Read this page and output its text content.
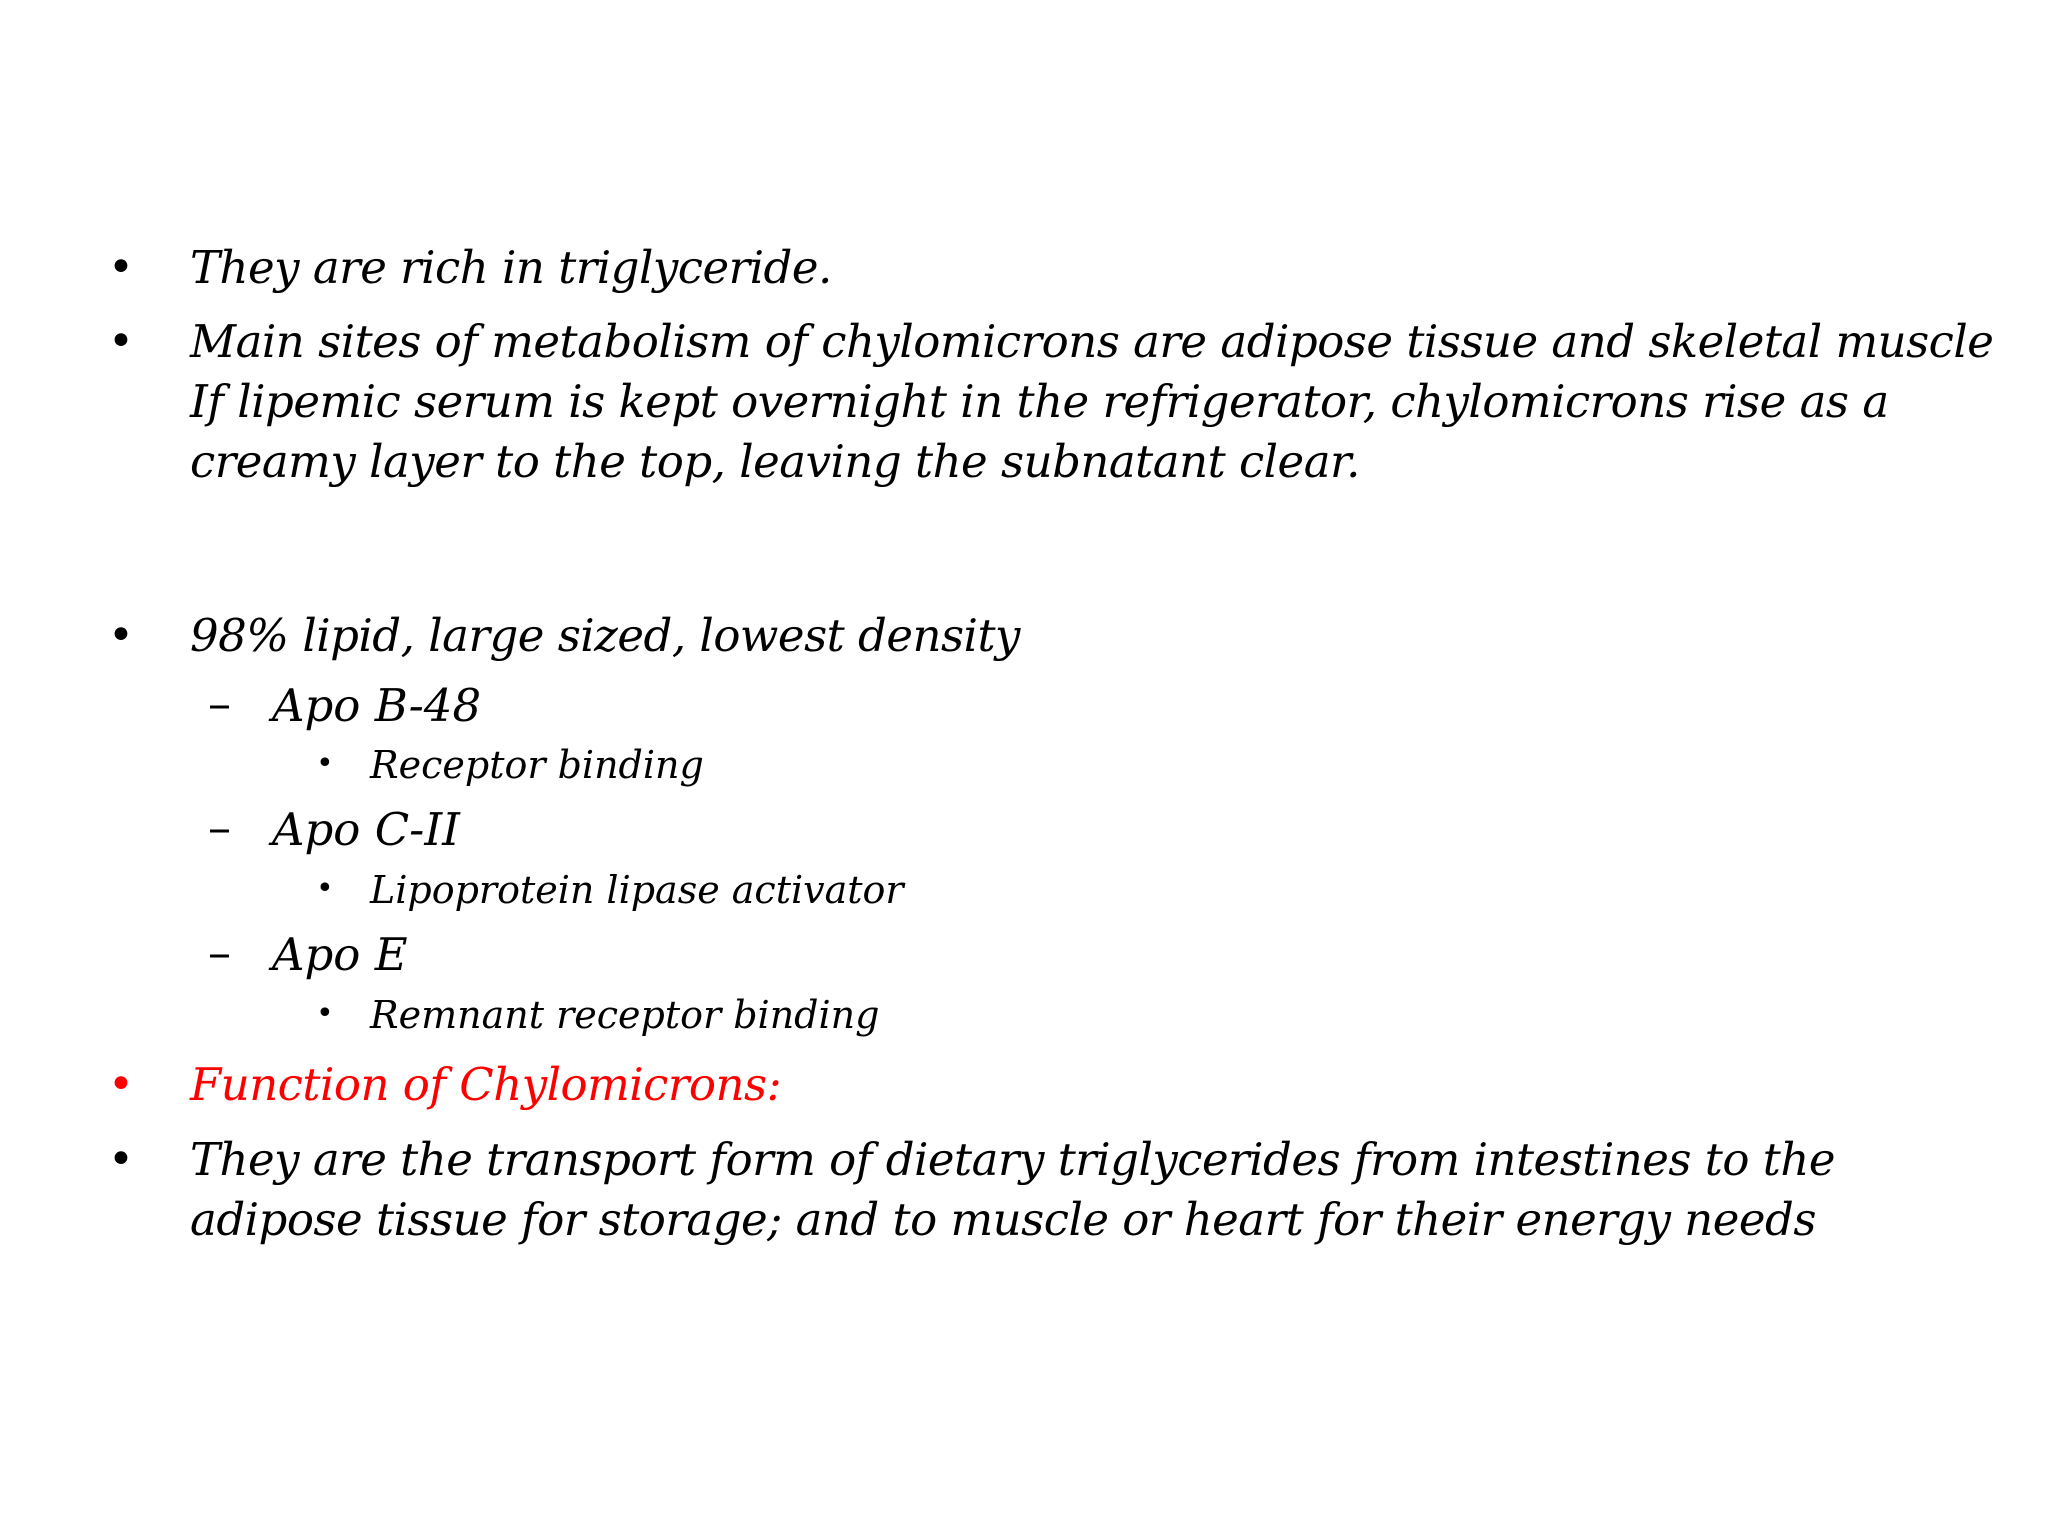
• They are rich in triglyceride.
• Main sites of metabolism of chylomicrons are adipose tissue and skeletal muscle
If lipemic serum is kept overnight in the refrigerator, chylomicrons rise as a
creamy layer to the top, leaving the subnatant clear.
• 98% lipid, large sized, lowest density
– Apo B-48
• Receptor binding
– Apo C-II
• Lipoprotein lipase activator
– Apo E
• Remnant receptor binding
• Function of Chylomicrons:
• They are the transport form of dietary triglycerides from intestines to the
adipose tissue for storage; and to muscle or heart for their energy needs
